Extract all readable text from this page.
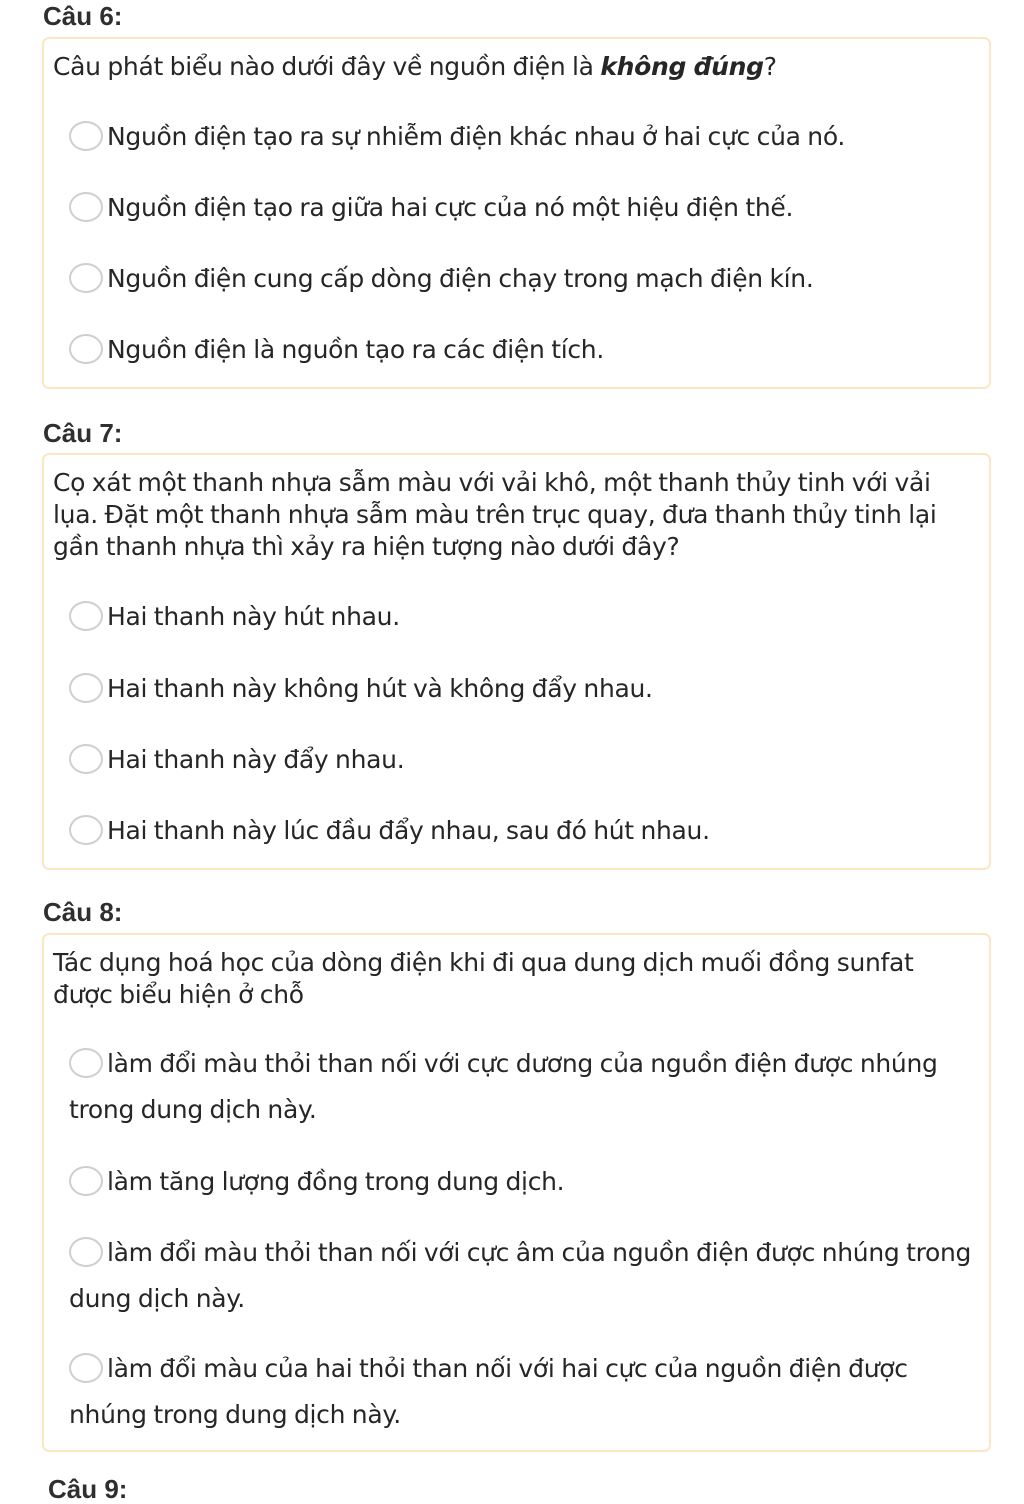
Câu 6:

Câu phát biểu nào dưới đây về nguồn điện là không đúng?

Nguồn điện tạo ra sự nhiễm điện khác nhau ở hai cực của nó.
Nguồn điện tạo ra giữa hai cực của nó một hiệu điện thế.
Nguồn điện cung cấp dòng điện chạy trong mạch điện kín.
Nguồn điện là nguồn tạo ra các điện tích.
Câu 7:

Cọ xát một thanh nhựa sẫm màu với vải khô, một thanh thủy tinh với vải lụa. Đặt một thanh nhựa sẫm màu trên trục quay, đưa thanh thủy tinh lại gần thanh nhựa thì xảy ra hiện tượng nào dưới đây?

Hai thanh này hút nhau.
Hai thanh này không hút và không đẩy nhau.
Hai thanh này đẩy nhau.
Hai thanh này lúc đầu đẩy nhau, sau đó hút nhau.
Câu 8:

Tác dụng hoá học của dòng điện khi đi qua dung dịch muối đồng sunfat được biểu hiện ở chỗ

làm đổi màu thỏi than nối với cực dương của nguồn điện được nhúng trong dung dịch này.
làm tăng lượng đồng trong dung dịch.
làm đổi màu thỏi than nối với cực âm của nguồn điện được nhúng trong dung dịch này.
làm đổi màu của hai thỏi than nối với hai cực của nguồn điện được nhúng trong dung dịch này.
Câu 9:
